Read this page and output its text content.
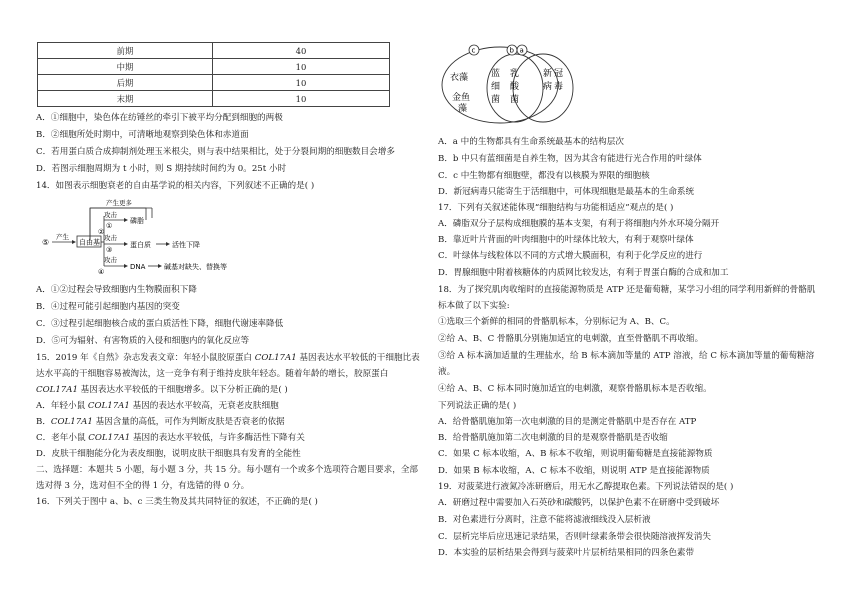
前期	40
中期	10
后期	10
末期	10
A．①细胞中，染色体在纺锤丝的牵引下被平均分配到细胞的两极
B．②细胞所处时期中，可清晰地观察到染色体和赤道面
C．若用蛋白质合成抑制剂处理玉米根尖，则与表中结果相比，处于分裂间期的细胞数目会增多
D．若图示细胞周期为 t 小时，则 S 期持续时间约为 0。25t 小时
14．如图表示细胞衰老的自由基学说的相关内容，下列叙述不正确的是( )
⑤
产生
自由基
产生更多
攻击
①
磷脂
②
攻击
③
蛋白质	活性下降
攻击
④
DNA	碱基对缺失、替换等
A．①②过程会导致细胞内生物膜面积下降
B．④过程可能引起细胞内基因的突变
C．③过程引起细胞核合成的蛋白质活性下降，细胞代谢速率降低
D．⑤可为辐射、有害物质的入侵和细胞内的氧化反应等
15．2019 年《自然》杂志发表文章：年轻小鼠胶原蛋白 COL17A1 基因表达水平较低的干细胞比表
达水平高的干细胞容易被淘汰，这一竞争有利于维持皮肤年轻态。随着年龄的增长，胶原蛋白
COL17A1 基因表达水平较低的干细胞增多。以下分析正确的是( )
A．年轻小鼠 COL17A1 基因的表达水平较高，无衰老皮肤细胞
B．COL17A1 基因含量的高低，可作为判断皮肤是否衰老的依据
C．老年小鼠 COL17A1 基因的表达水平较低，与许多酶活性下降有关
D．皮肤干细胞能分化为表皮细胞，说明皮肤干细胞具有发育的全能性
二、选择题：本题共 5 小题，每小题 3 分，共 15 分。每小题有一个或多个选项符合题目要求，全部
选对得 3 分，选对但不全的得 1 分，有选错的得 0 分。
16．下列关于图中 a、b、c 三类生物及其共同特征的叙述，不正确的是( )
c	b a
衣藻
金鱼
藻
蓝
细
菌
乳
酸
菌
新 冠
病 毒
A．a 中的生物都具有生命系统最基本的结构层次
B．b 中只有蓝细菌是自养生物，因为其含有能进行光合作用的叶绿体
C．c 中生物都有细胞壁，都没有以核膜为界限的细胞核
D．新冠病毒只能寄生于活细胞中，可体现细胞是最基本的生命系统
17．下列有关叙述能体现“细胞结构与功能相适应”观点的是( )
A．磷脂双分子层构成细胞膜的基本支架，有利于将细胞内外水环境分隔开
B．靠近叶片背面的叶肉细胞中的叶绿体比较大，有利于观察叶绿体
C．叶绿体与线粒体以不同的方式增大膜面积，有利于化学反应的进行
D．胃腺细胞中附着核糖体的内质网比较发达，有利于胃蛋白酶的合成和加工
18．为了探究肌肉收缩时的直接能源物质是 ATP 还是葡萄糖，某学习小组的同学利用新鲜的骨骼肌
标本做了以下实验:
①选取三个新鲜的相同的骨骼肌标本，分别标记为 A、B、C。
②给 A、B、C 骨骼肌分别施加适宜的电刺激，直至骨骼肌不再收缩。
③给 A 标本滴加适量的生理盐水，给 B 标本滴加等量的 ATP 溶液，给 C 标本滴加等量的葡萄糖溶
液。
④给 A、B、C 标本同时施加适宜的电刺激，观察骨骼肌标本是否收缩。
下列说法正确的是( )
A．给骨骼肌施加第一次电刺激的目的是测定骨骼肌中是否存在 ATP
B．给骨骼肌施加第二次电刺激的目的是观察骨骼肌是否收缩
C．如果 C 标本收缩，A、B 标本不收缩，则说明葡萄糖是直接能源物质
D．如果 B 标本收缩，A、C 标本不收缩，则说明 ATP 是直接能源物质
19．对菠菜进行液氮冷冻研磨后，用无水乙醇提取色素。下列说法错误的是( )
A．研磨过程中需要加入石英砂和碳酸钙，以保护色素不在研磨中受到破坏
B．对色素进行分离时，注意不能将滤液细线没入层析液
C．层析完毕后应迅速记录结果，否则叶绿素条带会很快随溶液挥发消失
D．本实验的层析结果会得到与菠菜叶片层析结果相同的四条色素带
